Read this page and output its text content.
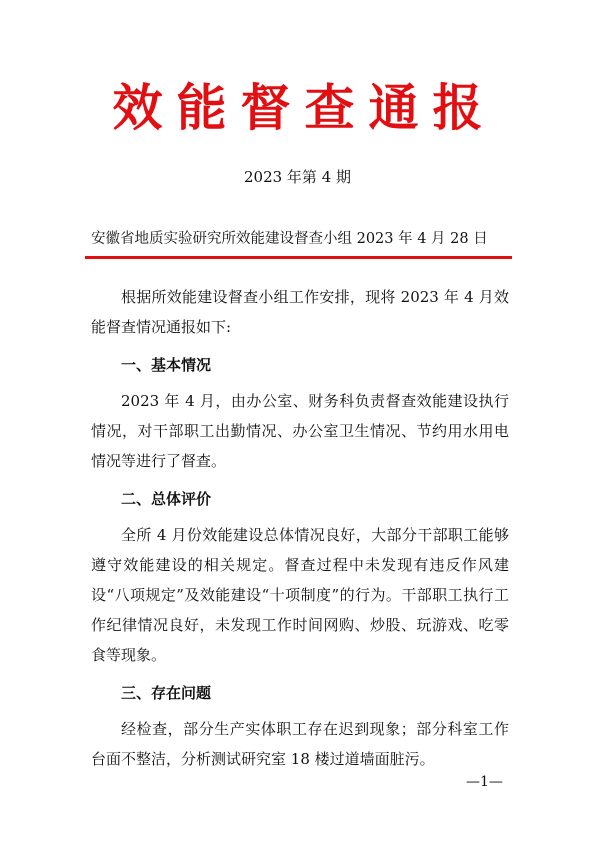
效能督查通报
2023 年第 4 期
安徽省地质实验研究所效能建设督查小组 2023 年 4 月 28 日

根据所效能建设督查小组工作安排，现将 2023 年 4 月效能督查情况通报如下:

一、基本情况

2023 年 4 月，由办公室、财务科负责督查效能建设执行情况，对干部职工出勤情况、办公室卫生情况、节约用水用电情况等进行了督查。

二、总体评价

全所 4 月份效能建设总体情况良好，大部分干部职工能够遵守效能建设的相关规定。督查过程中未发现有违反作风建设“八项规定”及效能建设“十项制度”的行为。干部职工执行工作纪律情况良好，未发现工作时间网购、炒股、玩游戏、吃零食等现象。

三、存在问题

经检查，部分生产实体职工存在迟到现象；部分科室工作台面不整洁，分析测试研究室 18 楼过道墙面脏污。

—1—
